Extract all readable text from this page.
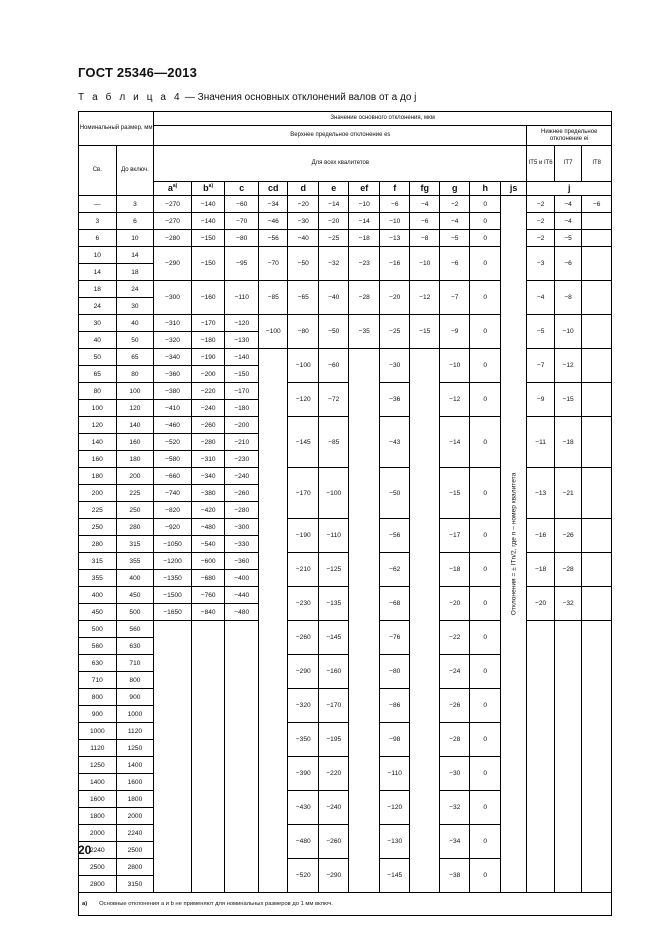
ГОСТ 25346—2013
Т а б л и ц а 4 — Значения основных отклонений валов от a до j
Номинальный размер, мм		Значение основного отклонения, мкм														
		Верхнее предельное отклонение es												Нижнее предельное отклонение ei		
Св.	До включ.	Для всех квалитетов												IT5 и IT6	IT7	IT8
		$a^{a)}$	$b^{a)}$	c	cd	d	e	ef	f	fg	g	h	js	j		
—	3	−270	−140	−60	−34	−20	−14	−10	−6	−4	−2	0	Отклонения = ± ITn/2, где n – номер квалитета	−2	−4	−6
3	6	−270	−140	−70	−46	−30	−20	−14	−10	−6	−4	0		−2	−4	
6	10	−280	−150	−80	−56	−40	−25	−18	−13	−8	−5	0		−2	−5	
10	14	−290	−150	−95	−70	−50	−32	−23	−16	−10	−6	0		−3	−6	
14	18															
18	24	−300	−160	−110	−85	−65	−40	−28	−20	−12	−7	0		−4	−8	
24	30															
30	40	−310	−170	−120	−100	−80	−50	−35	−25	−15	−9	0		−5	−10	
40	50	−320	−180	−130												
50	65	−340	−190	−140		−100	−60		−30		−10	0		−7	−12	
65	80	−360	−200	−150												
80	100	−380	−220	−170		−120	−72		−36		−12	0		−9	−15	
100	120	−410	−240	−180												
120	140	−460	−260	−200		−145	−85		−43		−14	0		−11	−18	
140	160	−520	−280	−210												
160	180	−580	−310	−230												
180	200	−660	−340	−240		−170	−100		−50		−15	0		−13	−21	
200	225	−740	−380	−260												
225	250	−820	−420	−280												
250	280	−920	−480	−300		−190	−110		−56		−17	0		−16	−26	
280	315	−1050	−540	−330												
315	355	−1200	−600	−360		−210	−125		−62		−18	0		−18	−28	
355	400	−1350	−680	−400												
400	450	−1500	−760	−440		−230	−135		−68		−20	0		−20	−32	
450	500	−1650	−840	−480												
500	560					−260	−145		−76		−22	0				
560	630															
630	710					−290	−160		−80		−24	0				
710	800															
800	900					−320	−170		−86		−26	0				
900	1000															
1000	1120					−350	−195		−98		−28	0				
1120	1250															
1250	1400					−390	−220		−110		−30	0				
1400	1600															
1600	1800					−430	−240		−120		−32	0				
1800	2000															
2000	2240					−480	−260		−130		−34	0				
2240	2500															
2500	2800					−520	−290		−145		−38	0				
2800	3150															
a) Основные отклонения a и b не применяют для номинальных размеров до 1 мм включ.																
20
